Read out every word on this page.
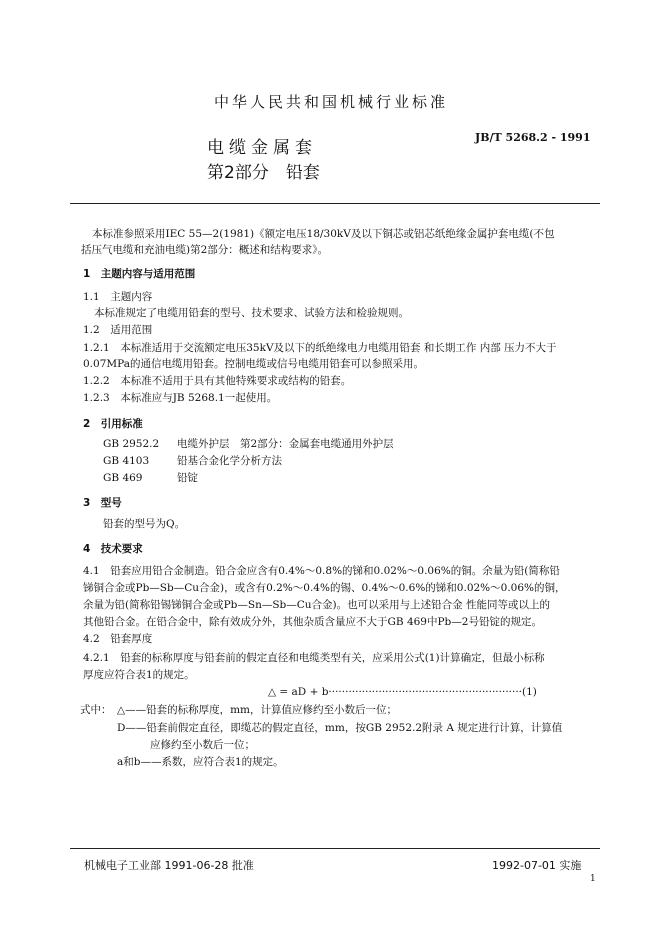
中华人民共和国机械行业标准
电缆金属套
第2部分　铅套
JB/T 5268.2 - 1991
本标准参照采用IEC 55—2(1981)《额定电压18/30kV及以下铜芯或铝芯纸绝缘金属护套电缆(不包
括压气电缆和充油电缆)第2部分：概述和结构要求》。
1　主题内容与适用范围
1.1　主题内容
本标准规定了电缆用铅套的型号、技术要求、试验方法和检验规则。
1.2　适用范围
1.2.1　本标准适用于交流额定电压35kV及以下的纸绝缘电力电缆用铅套 和长期工作 内部 压力不大于
0.07MPa的通信电缆用铅套。控制电缆或信号电缆用铅套可以参照采用。
1.2.2　本标准不适用于具有其他特殊要求或结构的铅套。
1.2.3　本标准应与JB 5268.1一起使用。
2　引用标准
GB 2952.2 电缆外护层　第2部分：金属套电缆通用外护层
GB 4103	铅基合金化学分析方法
GB 469	铅锭
3　型号
铅套的型号为Q。
4　技术要求
4.1　铅套应用铅合金制造。铅合金应含有0.4%～0.8%的锑和0.02%～0.06%的铜。余量为铅(简称铅
锑铜合金或Pb—Sb—Cu合金)，或含有0.2%～0.4%的锡、0.4%～0.6%的锑和0.02%～0.06%的铜，
余量为铅(简称铅锡锑铜合金或Pb—Sn—Sb—Cu合金)。也可以采用与上述铅合金 性能同等或以上的
其他铅合金。在铅合金中，除有效成分外，其他杂质含量应不大于GB 469中Pb—2号铅锭的规定。
4.2　铅套厚度
4.2.1　铅套的标称厚度与铅套前的假定直径和电缆类型有关，应采用公式(1)计算确定，但最小标称
厚度应符合表1的规定。
△ = aD + b··························································(1)
式中： △——铅套的标称厚度，mm，计算值应修约至小数后一位；
D——铅套前假定直径，即缆芯的假定直径，mm，按GB 2952.2附录 A 规定进行计算，计算值
应修约至小数后一位；
a和b——系数，应符合表1的规定。
机械电子工业部 1991-06-28 批准	1992-07-01 实施
1
